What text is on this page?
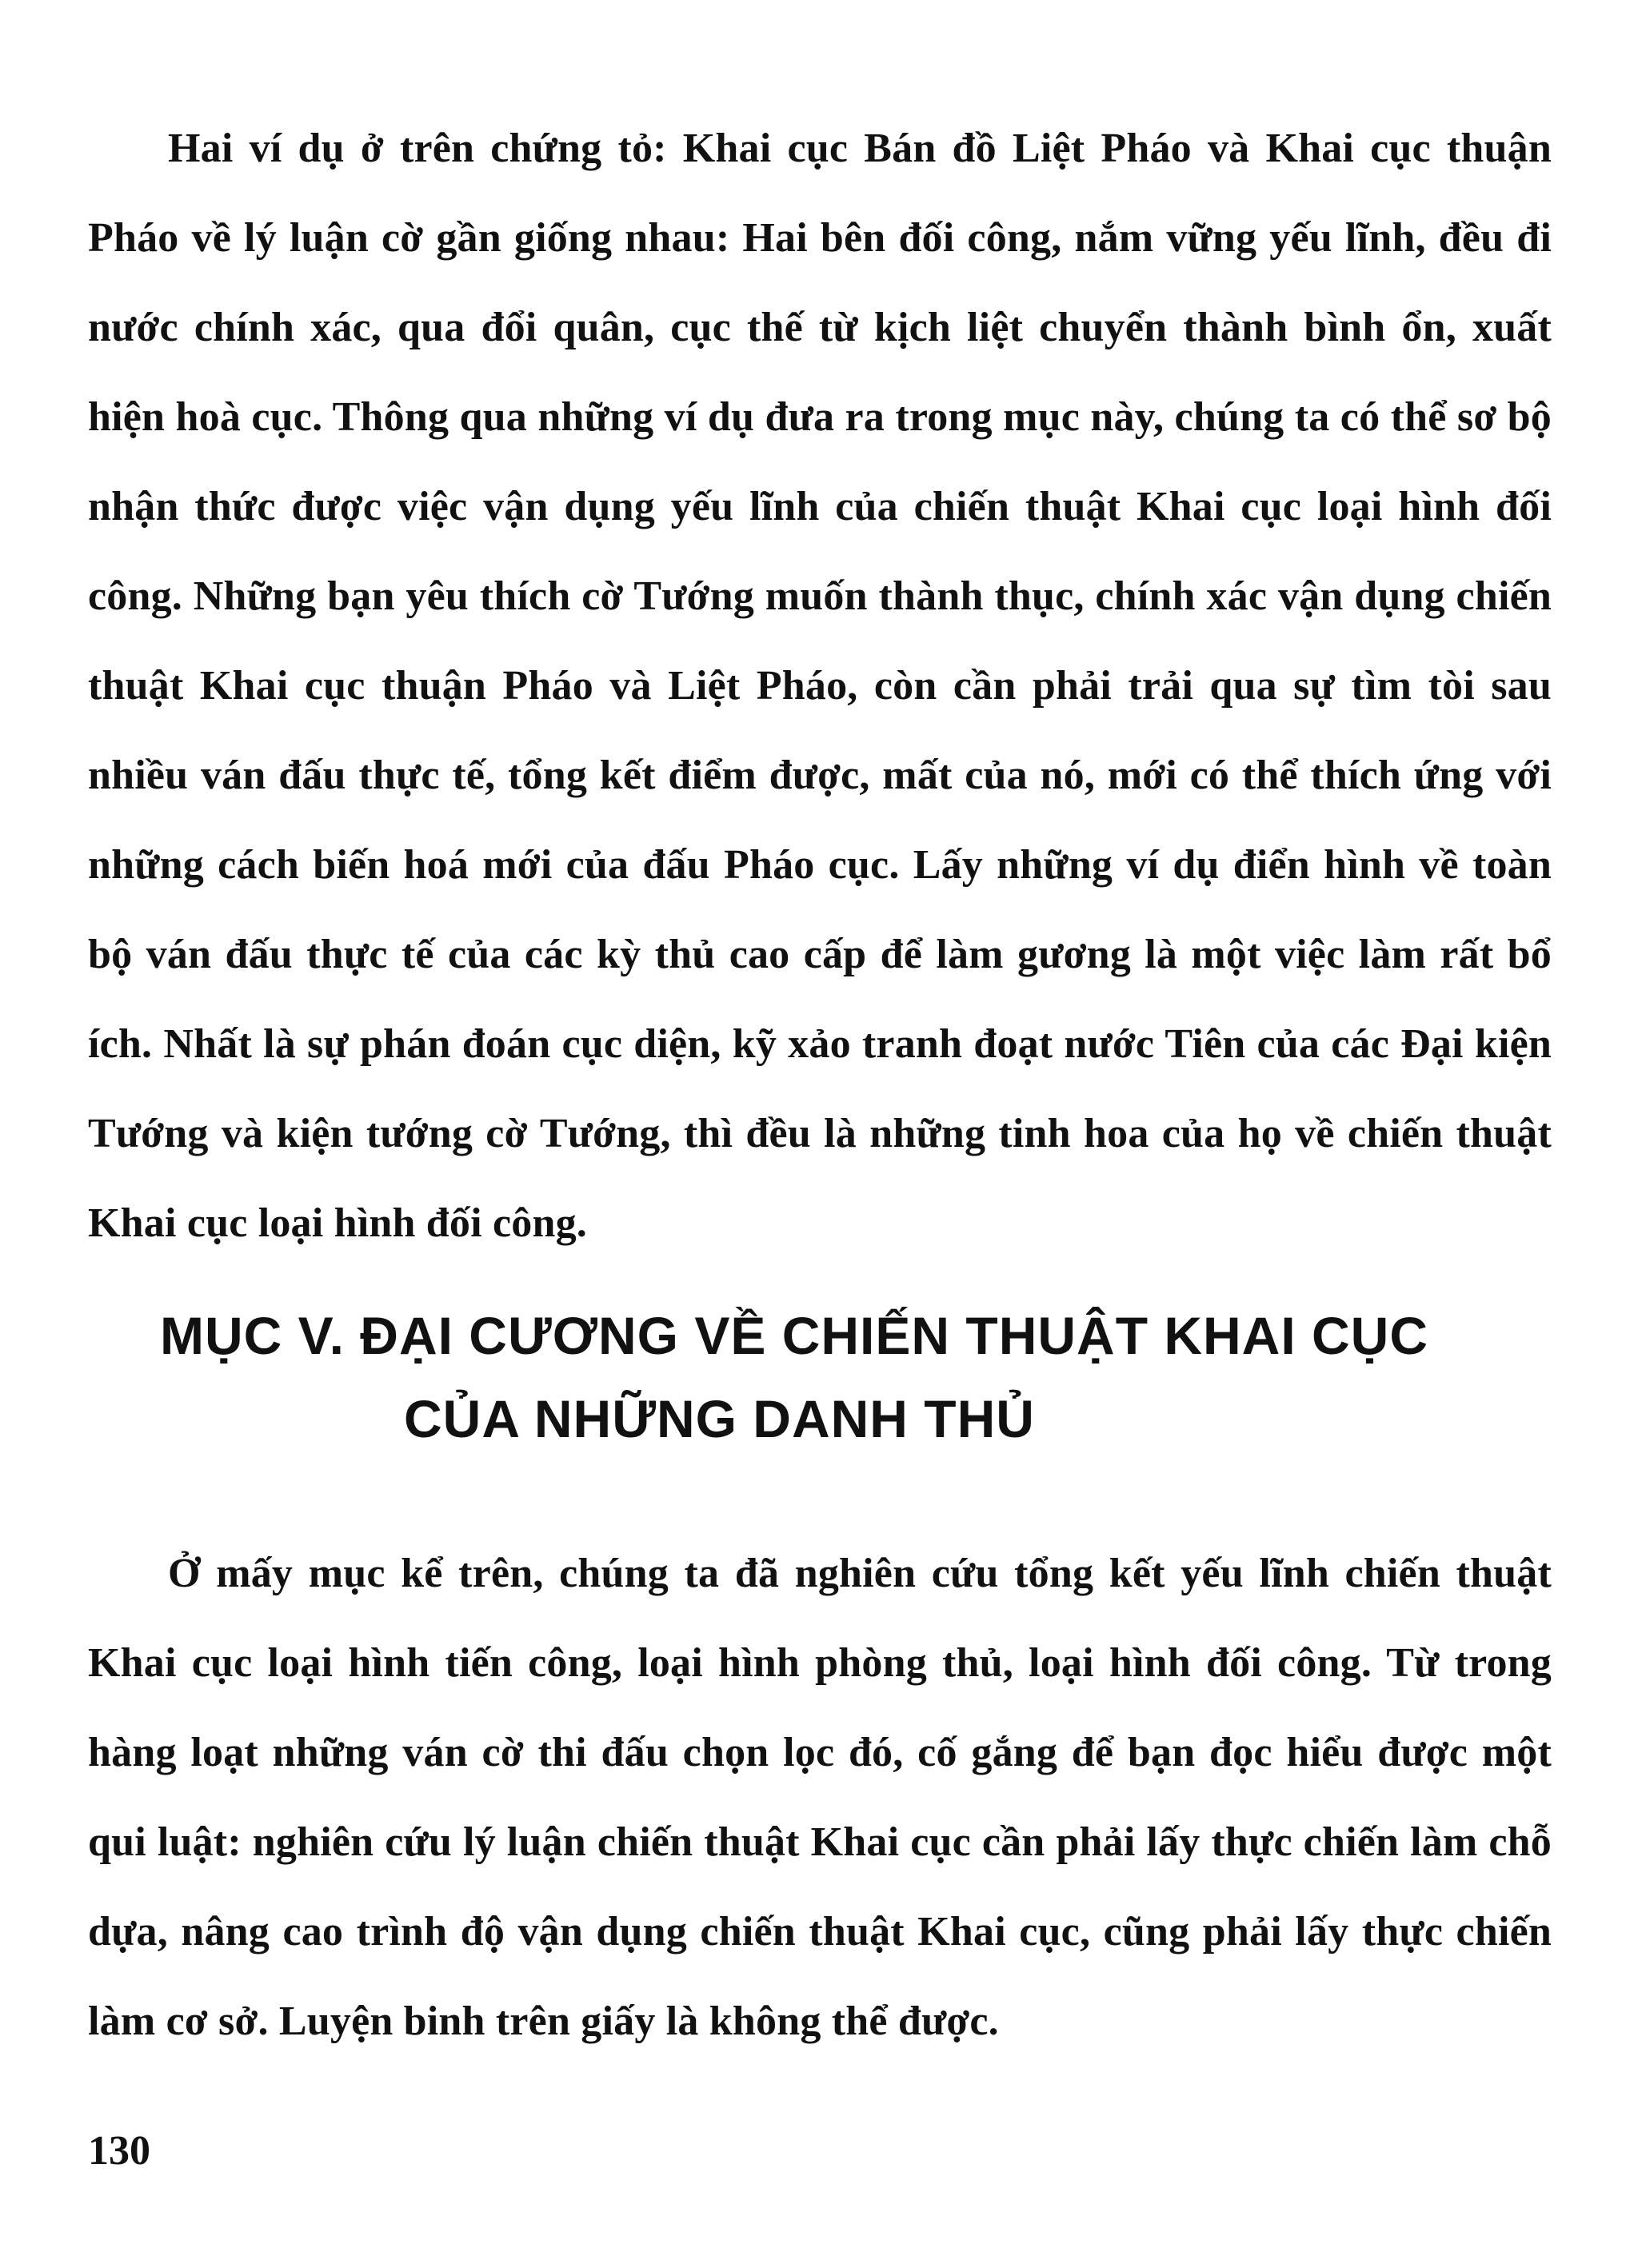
Hai ví dụ ở trên chứng tỏ: Khai cục Bán đồ Liệt Pháo và Khai cục thuận Pháo về lý luận cờ gần giống nhau: Hai bên đối công, nắm vững yếu lĩnh, đều đi nước chính xác, qua đổi quân, cục thế từ kịch liệt chuyển thành bình ổn, xuất hiện hoà cục. Thông qua những ví dụ đưa ra trong mục này, chúng ta có thể sơ bộ nhận thức được việc vận dụng yếu lĩnh của chiến thuật Khai cục loại hình đối công. Những bạn yêu thích cờ Tướng muốn thành thục, chính xác vận dụng chiến thuật Khai cục thuận Pháo và Liệt Pháo, còn cần phải trải qua sự tìm tòi sau nhiều ván đấu thực tế, tổng kết điểm được, mất của nó, mới có thể thích ứng với những cách biến hoá mới của đấu Pháo cục. Lấy những ví dụ điển hình về toàn bộ ván đấu thực tế của các kỳ thủ cao cấp để làm gương là một việc làm rất bổ ích. Nhất là sự phán đoán cục diện, kỹ xảo tranh đoạt nước Tiên của các Đại kiện Tướng và kiện tướng cờ Tướng, thì đều là những tinh hoa của họ về chiến thuật Khai cục loại hình đối công.

MỤC V. ĐẠI CƯƠNG VỀ CHIẾN THUẬT KHAI CỤC
CỦA NHỮNG DANH THỦ

Ở mấy mục kể trên, chúng ta đã nghiên cứu tổng kết yếu lĩnh chiến thuật Khai cục loại hình tiến công, loại hình phòng thủ, loại hình đối công. Từ trong hàng loạt những ván cờ thi đấu chọn lọc đó, cố gắng để bạn đọc hiểu được một qui luật: nghiên cứu lý luận chiến thuật Khai cục cần phải lấy thực chiến làm chỗ dựa, nâng cao trình độ vận dụng chiến thuật Khai cục, cũng phải lấy thực chiến làm cơ sở. Luyện binh trên giấy là không thể được.

130
